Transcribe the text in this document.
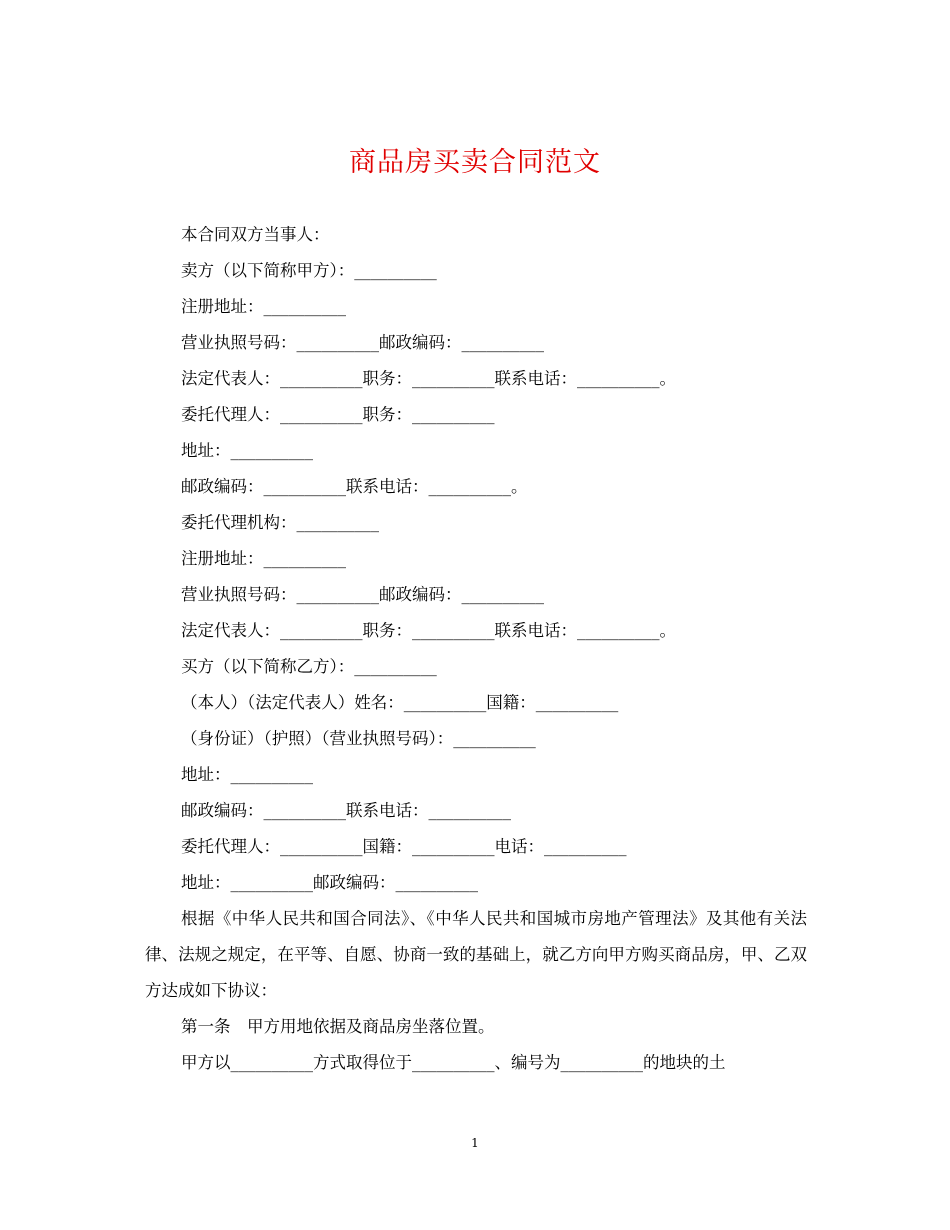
商品房买卖合同范文
本合同双方当事人：
卖方（以下简称甲方）：__________
注册地址：__________
营业执照号码：__________邮政编码：__________
法定代表人：__________职务：__________联系电话：__________。
委托代理人：__________职务：__________
地址：__________
邮政编码：__________联系电话：__________。
委托代理机构：__________
注册地址：__________
营业执照号码：__________邮政编码：__________
法定代表人：__________职务：__________联系电话：__________。
买方（以下简称乙方）：__________
（本人）（法定代表人）姓名：__________国籍：__________
（身份证）（护照）（营业执照号码）：__________
地址：__________
邮政编码：__________联系电话：__________
委托代理人：__________国籍：__________电话：__________
地址：__________邮政编码：__________
根据《中华人民共和国合同法》、《中华人民共和国城市房地产管理法》及其他有关法律、法规之规定，在平等、自愿、协商一致的基础上，就乙方向甲方购买商品房，甲、乙双方达成如下协议：
第一条　甲方用地依据及商品房坐落位置。
甲方以__________方式取得位于__________、编号为__________的地块的土
1
